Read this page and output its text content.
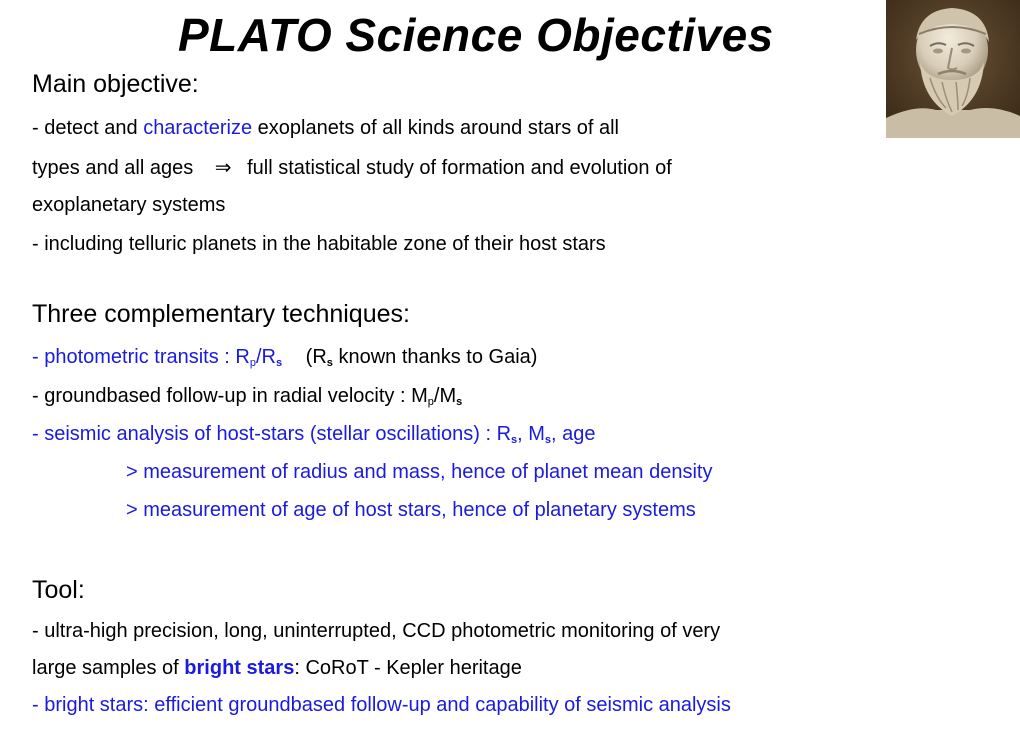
PLATO Science Objectives
Main objective:
- detect and characterize exoplanets of all kinds around stars of all
types and all ages ⇒ full statistical study of formation and evolution of
exoplanetary systems
- including telluric planets in the habitable zone of their host stars
Three complementary techniques:
- photometric transits : $R_p/R_s$ ($R_s$ known thanks to Gaia)
- groundbased follow-up in radial velocity : $M_p/M_s$
- seismic analysis of host-stars (stellar oscillations) : $R_s$, $M_s$, age
> measurement of radius and mass, hence of planet mean density
> measurement of age of host stars, hence of planetary systems
Tool:
- ultra-high precision, long, uninterrupted, CCD photometric monitoring of very
large samples of bright stars: CoRoT - Kepler heritage
- bright stars: efficient groundbased follow-up and capability of seismic analysis
